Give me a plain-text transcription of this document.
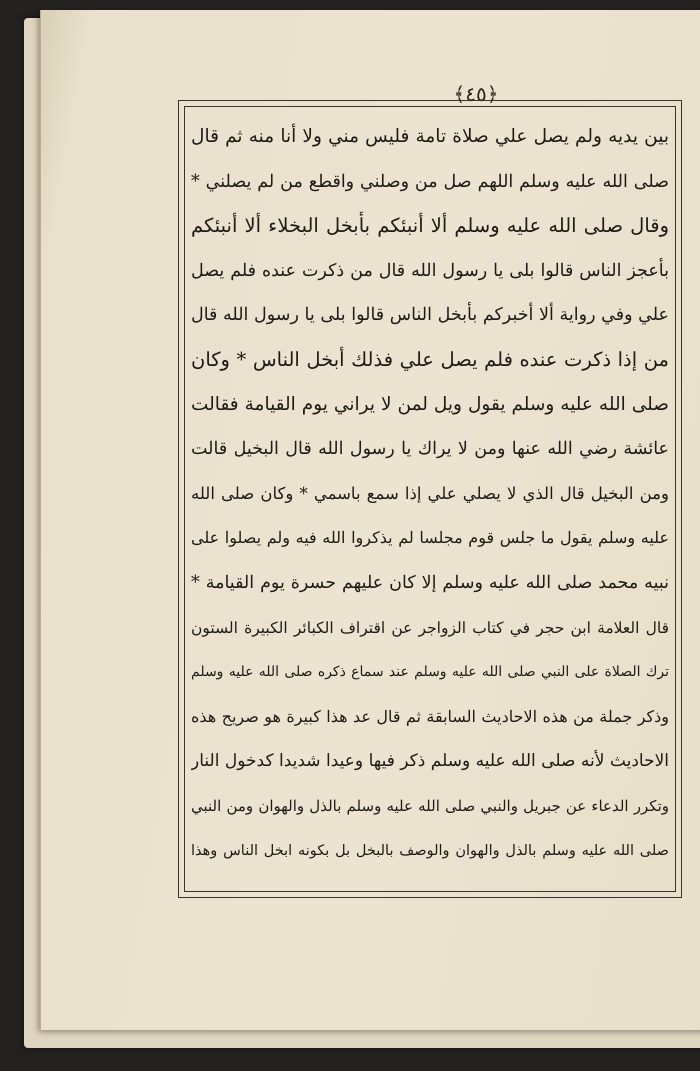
﴿٤٥﴾
بين يديه ولم يصل علي صلاة تامة فليس مني ولا أنا منه ثم قال
صلى الله عليه وسلم اللهم صل من وصلني واقطع من لم يصلني *
وقال صلى الله عليه وسلم ألا أنبئكم بأبخل البخلاء ألا أنبئكم
بأعجز الناس قالوا بلى يا رسول الله قال من ذكرت عنده فلم يصل
علي وفي رواية ألا أخبركم بأبخل الناس قالوا بلى يا رسول الله قال
من إذا ذكرت عنده فلم يصل علي فذلك أبخل الناس * وكان
صلى الله عليه وسلم يقول ويل لمن لا يراني يوم القيامة فقالت
عائشة رضي الله عنها ومن لا يراك يا رسول الله قال البخيل قالت
ومن البخيل قال الذي لا يصلي علي إذا سمع باسمي * وكان صلى الله
عليه وسلم يقول ما جلس قوم مجلسا لم يذكروا الله فيه ولم يصلوا على
نبيه محمد صلى الله عليه وسلم إلا كان عليهم حسرة يوم القيامة *
قال العلامة ابن حجر في كتاب الزواجر عن اقتراف الكبائر الكبيرة الستون
ترك الصلاة على النبي صلى الله عليه وسلم عند سماع ذكره صلى الله عليه وسلم
وذكر جملة من هذه الاحاديث السابقة ثم قال عد هذا كبيرة هو صريح هذه
الاحاديث لأنه صلى الله عليه وسلم ذكر فيها وعيدا شديدا كدخول النار
وتكرر الدعاء عن جبريل والنبي صلى الله عليه وسلم بالذل والهوان ومن النبي
صلى الله عليه وسلم بالذل والهوان والوصف بالبخل بل بكونه ابخل الناس وهذا
